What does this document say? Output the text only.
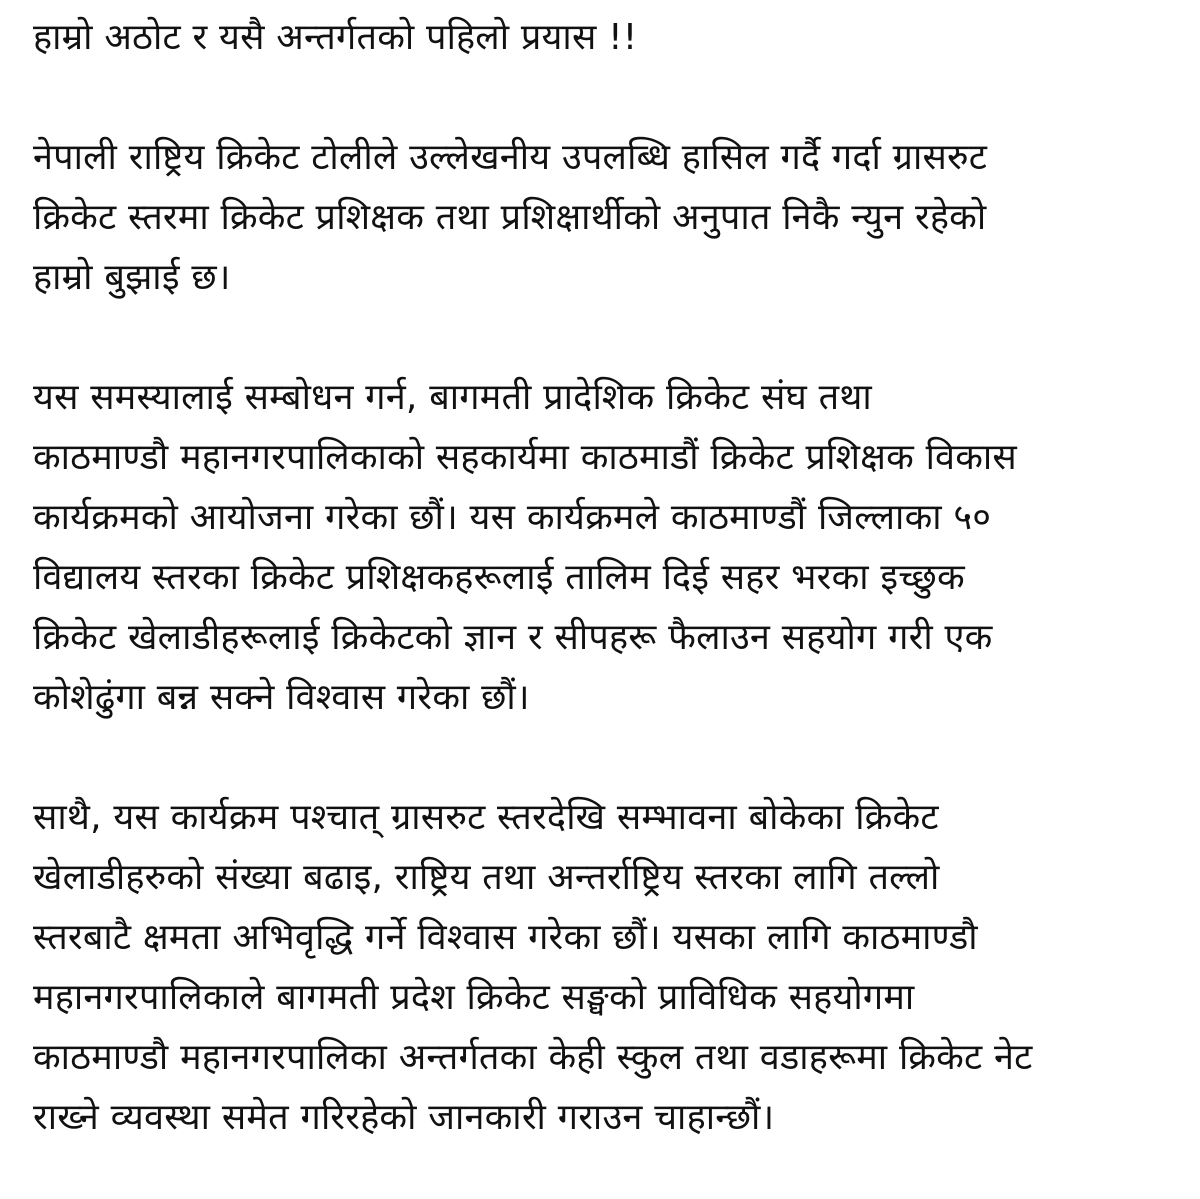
हाम्रो अठोट र यसै अन्तर्गतको पहिलो प्रयास !!
नेपाली राष्ट्रिय क्रिकेट टोलीले उल्लेखनीय उपलब्धि हासिल गर्दै गर्दा ग्रासरुट
क्रिकेट स्तरमा क्रिकेट प्रशिक्षक तथा प्रशिक्षार्थीको अनुपात निकै न्युन रहेको
हाम्रो बुझाई छ।
यस समस्यालाई सम्बोधन गर्न, बागमती प्रादेशिक क्रिकेट संघ तथा
काठमाण्डौ महानगरपालिकाको सहकार्यमा काठमाडौं क्रिकेट प्रशिक्षक विकास
कार्यक्रमको आयोजना गरेका छौं। यस कार्यक्रमले काठमाण्डौं जिल्लाका ५०
विद्यालय स्तरका क्रिकेट प्रशिक्षकहरूलाई तालिम दिई सहर भरका इच्छुक
क्रिकेट खेलाडीहरूलाई क्रिकेटको ज्ञान र सीपहरू फैलाउन सहयोग गरी एक
कोशेढुंगा बन्न सक्ने विश्वास गरेका छौं।
साथै, यस कार्यक्रम पश्चात् ग्रासरुट स्तरदेखि सम्भावना बोकेका क्रिकेट
खेलाडीहरुको संख्या बढाइ, राष्ट्रिय तथा अन्तर्राष्ट्रिय स्तरका लागि तल्लो
स्तरबाटै क्षमता अभिवृद्धि गर्ने विश्वास गरेका छौं। यसका लागि काठमाण्डौ
महानगरपालिकाले बागमती प्रदेश क्रिकेट सङ्घको प्राविधिक सहयोगमा
काठमाण्डौ महानगरपालिका अन्तर्गतका केही स्कुल तथा वडाहरूमा क्रिकेट नेट
राख्ने व्यवस्था समेत गरिरहेको जानकारी गराउन चाहान्छौं।
